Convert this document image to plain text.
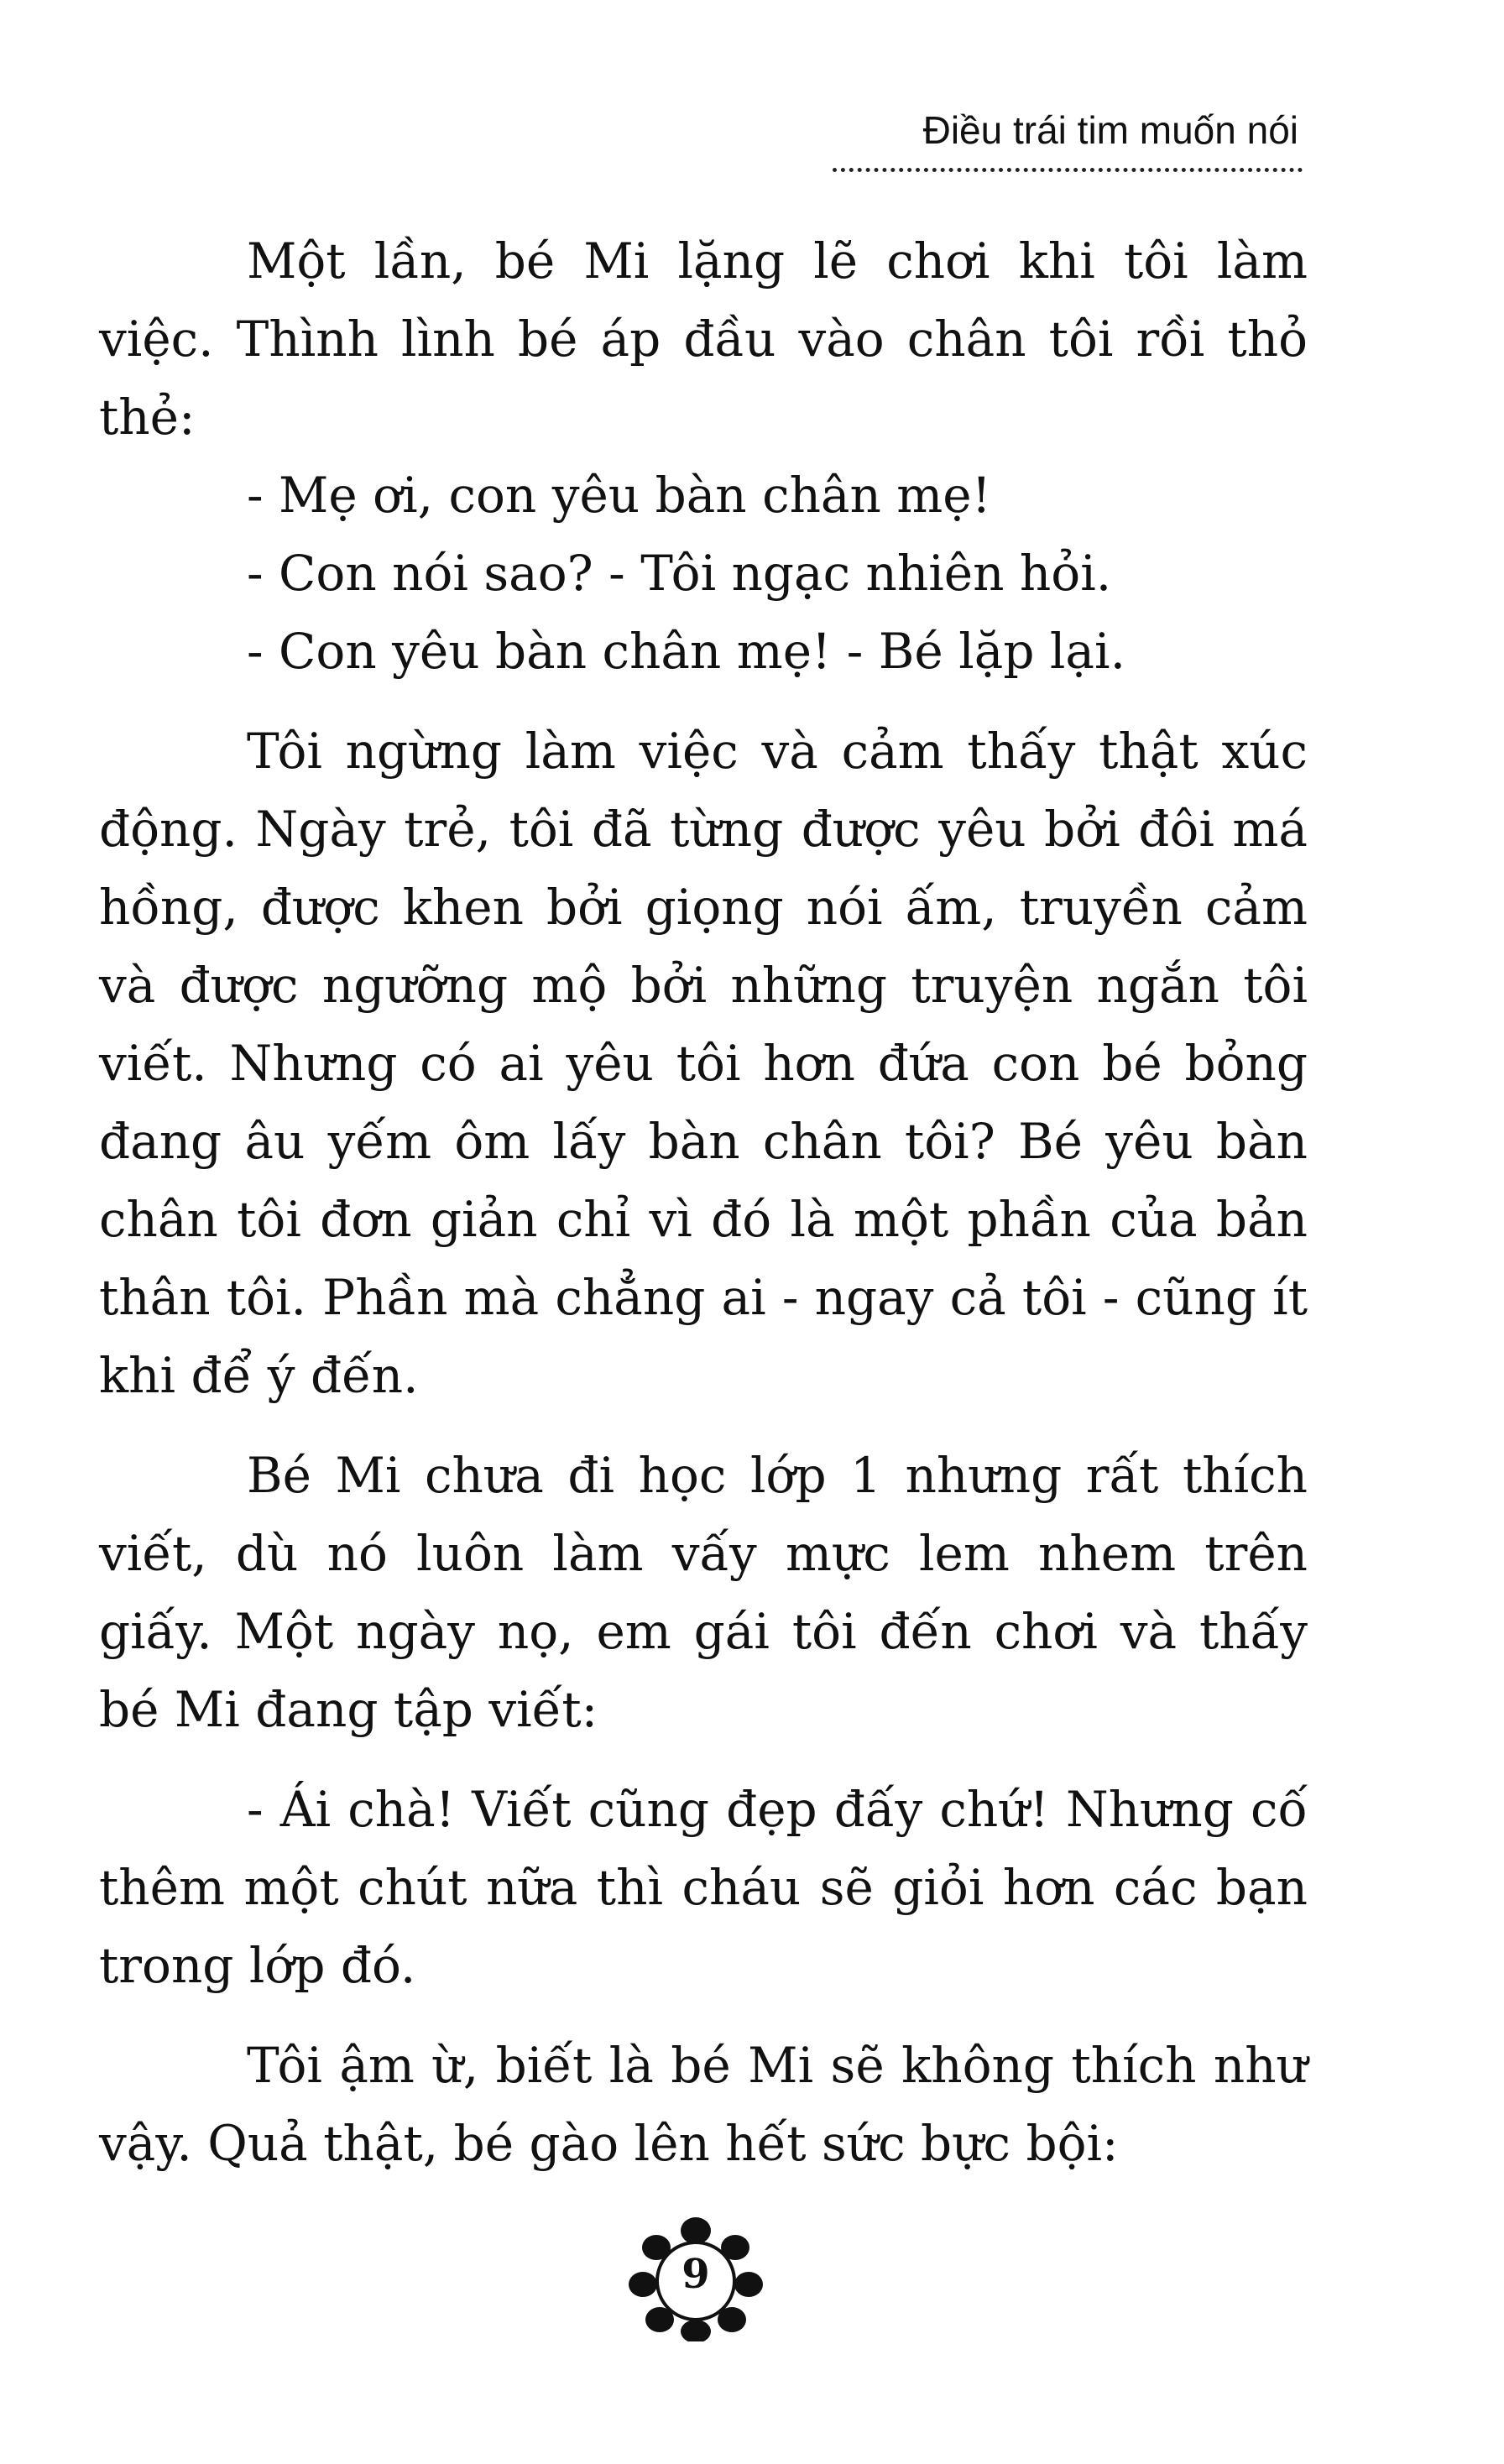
Điều trái tim muốn nói

Một lần, bé Mi lặng lẽ chơi khi tôi làm việc. Thình lình bé áp đầu vào chân tôi rồi thỏ thẻ:

- Mẹ ơi, con yêu bàn chân mẹ!

- Con nói sao? - Tôi ngạc nhiên hỏi.

- Con yêu bàn chân mẹ! - Bé lặp lại.

Tôi ngừng làm việc và cảm thấy thật xúc động. Ngày trẻ, tôi đã từng được yêu bởi đôi má hồng, được khen bởi giọng nói ấm, truyền cảm và được ngưỡng mộ bởi những truyện ngắn tôi viết. Nhưng có ai yêu tôi hơn đứa con bé bỏng đang âu yếm ôm lấy bàn chân tôi? Bé yêu bàn chân tôi đơn giản chỉ vì đó là một phần của bản thân tôi. Phần mà chẳng ai - ngay cả tôi - cũng ít khi để ý đến.

Bé Mi chưa đi học lớp 1 nhưng rất thích viết, dù nó luôn làm vấy mực lem nhem trên giấy. Một ngày nọ, em gái tôi đến chơi và thấy bé Mi đang tập viết:

- Ái chà! Viết cũng đẹp đấy chứ! Nhưng cố thêm một chút nữa thì cháu sẽ giỏi hơn các bạn trong lớp đó.

Tôi ậm ừ, biết là bé Mi sẽ không thích như vậy. Quả thật, bé gào lên hết sức bực bội:

9
